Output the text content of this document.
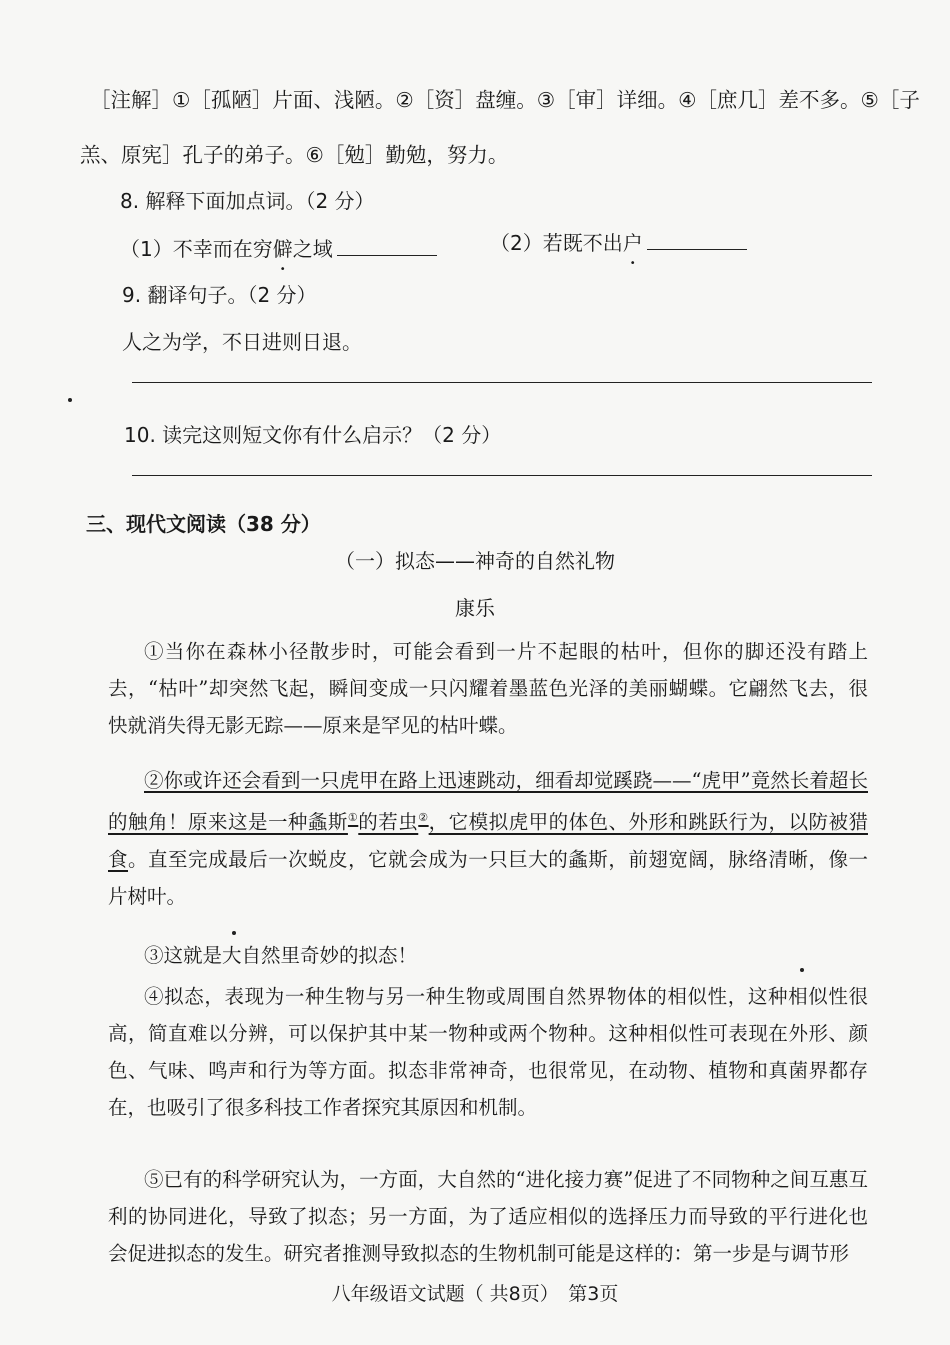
［注解］①［孤陋］片面、浅陋。②［资］盘缠。③［审］详细。④［庶几］差不多。⑤［子
羔、原宪］孔子的弟子。⑥［勉］勤勉，努力。
8. 解释下面加点词。（2 分）
（1）不幸而在穷僻之域	（2）若既不出户
9. 翻译句子。（2 分）
人之为学，不日进则日退。
10. 读完这则短文你有什么启示？（2 分）
三、现代文阅读（38 分）
（一）拟态——神奇的自然礼物
康乐
①当你在森林小径散步时，可能会看到一片不起眼的枯叶，但你的脚还没有踏上去，“枯叶”却突然飞起，瞬间变成一只闪耀着墨蓝色光泽的美丽蝴蝶。它翩然飞去，很快就消失得无影无踪——原来是罕见的枯叶蝶。
②你或许还会看到一只虎甲在路上迅速跳动，细看却觉蹊跷——“虎甲”竟然长着超长的触角！原来这是一种螽斯①的若虫②，它模拟虎甲的体色、外形和跳跃行为，以防被猎食。直至完成最后一次蜕皮，它就会成为一只巨大的螽斯，前翅宽阔，脉络清晰，像一片树叶。
③这就是大自然里奇妙的拟态！
④拟态，表现为一种生物与另一种生物或周围自然界物体的相似性，这种相似性很高，简直难以分辨，可以保护其中某一物种或两个物种。这种相似性可表现在外形、颜色、气味、鸣声和行为等方面。拟态非常神奇，也很常见，在动物、植物和真菌界都存在，也吸引了很多科技工作者探究其原因和机制。
⑤已有的科学研究认为，一方面，大自然的“进化接力赛”促进了不同物种之间互惠互利的协同进化，导致了拟态；另一方面，为了适应相似的选择压力而导致的平行进化也会促进拟态的发生。研究者推测导致拟态的生物机制可能是这样的：第一步是与调节形
八年级语文试题（ 共8页）　第3页
